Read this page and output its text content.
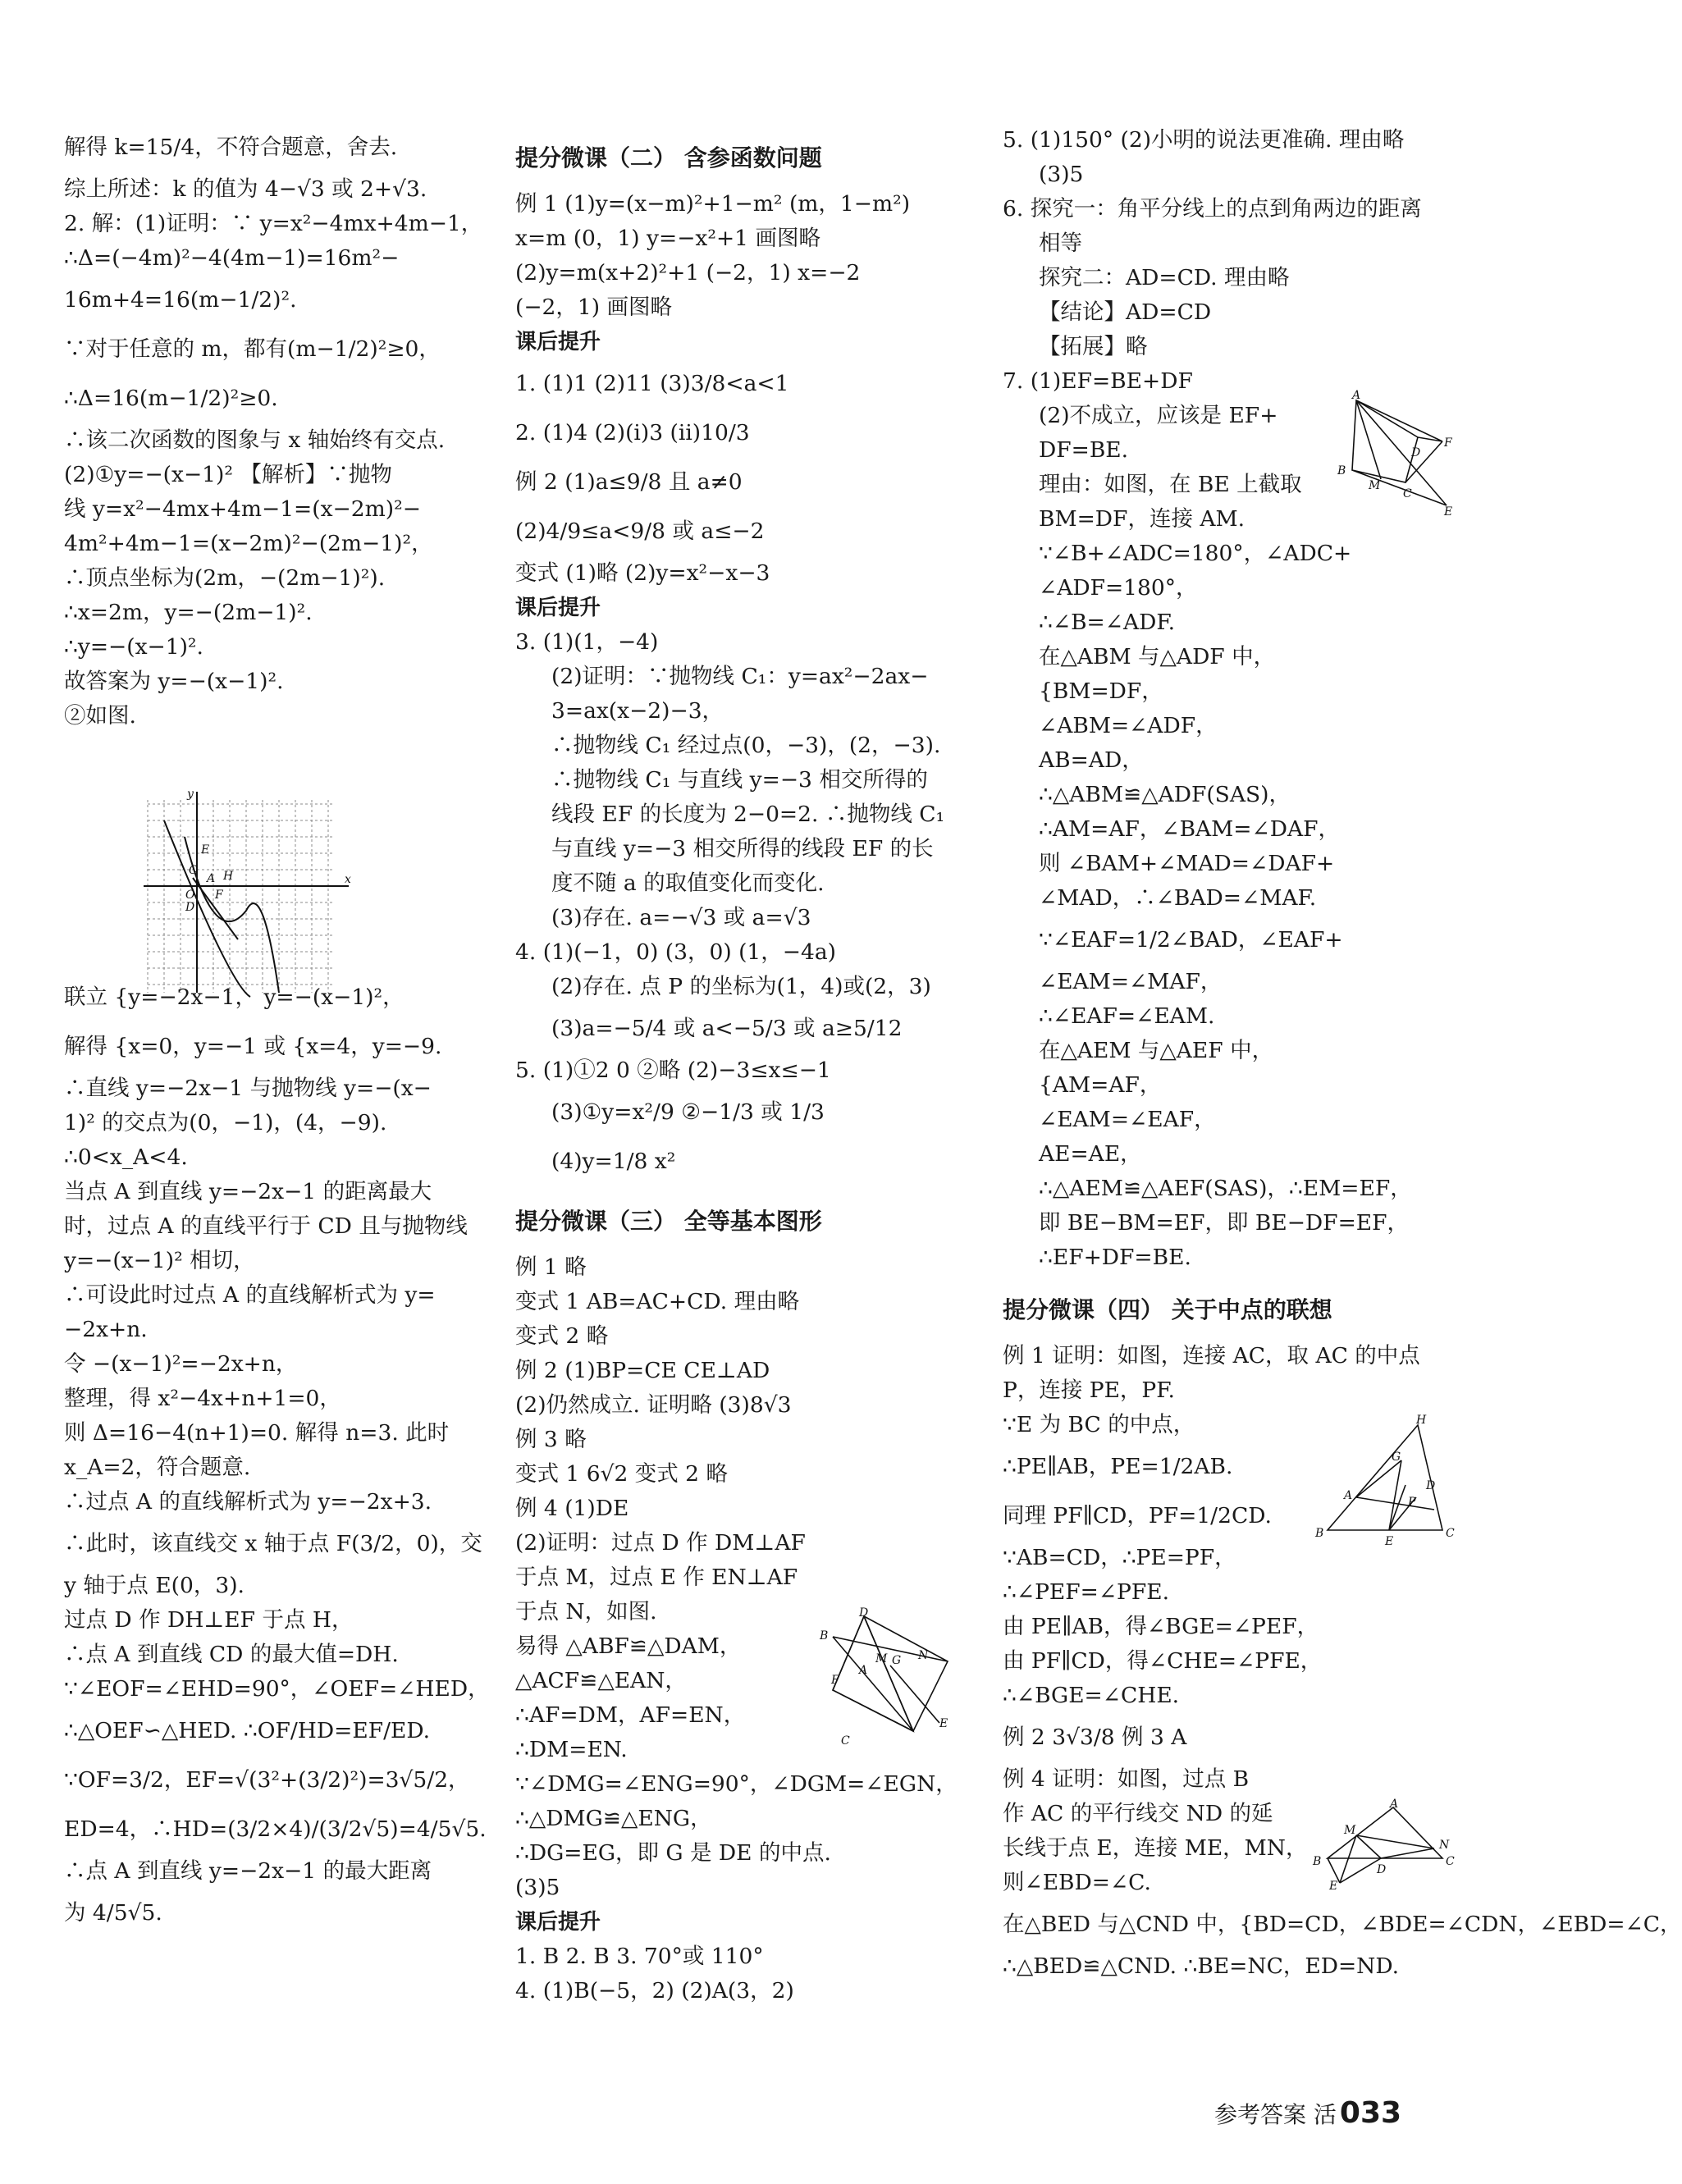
解得 k=15/4，不符合题意，舍去.
综上所述：k 的值为 4−√3 或 2+√3.
2. 解：(1)证明：∵ y=x²−4mx+4m−1，
∴Δ=(−4m)²−4(4m−1)=16m²−
16m+4=16(m−1/2)².
∵对于任意的 m，都有(m−1/2)²≥0，
∴Δ=16(m−1/2)²≥0.
∴该二次函数的图象与 x 轴始终有交点.
(2)①y=−(x−1)² 【解析】∵抛物
线 y=x²−4mx+4m−1=(x−2m)²−
4m²+4m−1=(x−2m)²−(2m−1)²，
∴顶点坐标为(2m，−(2m−1)²).
∴x=2m，y=−(2m−1)².
∴y=−(x−1)².
故答案为 y=−(x−1)².
②如图.
联立 {y=−2x−1， y=−(x−1)²，
解得 {x=0，y=−1 或 {x=4，y=−9.
∴直线 y=−2x−1 与抛物线 y=−(x−
1)² 的交点为(0，−1)，(4，−9).
∴0<x_A<4.
当点 A 到直线 y=−2x−1 的距离最大
时，过点 A 的直线平行于 CD 且与抛物线
y=−(x−1)² 相切，
∴可设此时过点 A 的直线解析式为 y=
−2x+n.
令 −(x−1)²=−2x+n，
整理，得 x²−4x+n+1=0，
则 Δ=16−4(n+1)=0. 解得 n=3. 此时
x_A=2，符合题意.
∴过点 A 的直线解析式为 y=−2x+3.
∴此时，该直线交 x 轴于点 F(3/2，0)，交
y 轴于点 E(0，3).
过点 D 作 DH⊥EF 于点 H，
∴点 A 到直线 CD 的最大值=DH.
∵∠EOF=∠EHD=90°，∠OEF=∠HED，
∴△OEF∽△HED. ∴OF/HD=EF/ED.
∵OF=3/2，EF=√(3²+(3/2)²)=3√5/2，
ED=4，∴HD=(3/2×4)/(3/2√5)=4/5√5.
∴点 A 到直线 y=−2x−1 的最大距离
为 4/5√5.
提分微课（二） 含参函数问题
例 1 (1)y=(x−m)²+1−m² (m，1−m²)
x=m (0，1) y=−x²+1 画图略
(2)y=m(x+2)²+1 (−2，1) x=−2
(−2，1) 画图略
课后提升
1. (1)1 (2)11 (3)3/8<a<1
2. (1)4 (2)(i)3 (ii)10/3
例 2 (1)a≤9/8 且 a≠0
(2)4/9≤a<9/8 或 a≤−2
变式 (1)略 (2)y=x²−x−3
课后提升
3. (1)(1，−4)
(2)证明：∵抛物线 C₁：y=ax²−2ax−
3=ax(x−2)−3，
∴抛物线 C₁ 经过点(0，−3)，(2，−3).
∴抛物线 C₁ 与直线 y=−3 相交所得的
线段 EF 的长度为 2−0=2. ∴抛物线 C₁
与直线 y=−3 相交所得的线段 EF 的长
度不随 a 的取值变化而变化.
(3)存在. a=−√3 或 a=√3
4. (1)(−1，0) (3，0) (1，−4a)
(2)存在. 点 P 的坐标为(1，4)或(2，3)
(3)a=−5/4 或 a<−5/3 或 a≥5/12
5. (1)①2 0 ②略 (2)−3≤x≤−1
(3)①y=x²/9 ②−1/3 或 1/3
(4)y=1/8 x²
提分微课（三） 全等基本图形
例 1 略
变式 1 AB=AC+CD. 理由略
变式 2 略
例 2 (1)BP=CE CE⊥AD
(2)仍然成立. 证明略 (3)8√3
例 3 略
变式 1 6√2 变式 2 略
例 4 (1)DE
(2)证明：过点 D 作 DM⊥AF
于点 M，过点 E 作 EN⊥AF
于点 N，如图.
易得 △ABF≌△DAM，
△ACF≌△EAN，
∴AF=DM，AF=EN，
∴DM=EN.
∵∠DMG=∠ENG=90°，∠DGM=∠EGN，
∴△DMG≌△ENG，
∴DG=EG，即 G 是 DE 的中点.
(3)5
课后提升
1. B 2. B 3. 70°或 110°
4. (1)B(−5，2) (2)A(3，2)
5. (1)150° (2)小明的说法更准确. 理由略
(3)5
6. 探究一：角平分线上的点到角两边的距离
相等
探究二：AD=CD. 理由略
【结论】AD=CD
【拓展】略
7. (1)EF=BE+DF
(2)不成立，应该是 EF+
DF=BE.
理由：如图，在 BE 上截取
BM=DF，连接 AM.
∵∠B+∠ADC=180°，∠ADC+
∠ADF=180°，
∴∠B=∠ADF.
在△ABM 与△ADF 中，
{BM=DF，
∠ABM=∠ADF，
AB=AD，
∴△ABM≌△ADF(SAS)，
∴AM=AF，∠BAM=∠DAF，
则 ∠BAM+∠MAD=∠DAF+
∠MAD，∴∠BAD=∠MAF.
∵∠EAF=1/2∠BAD，∠EAF+
∠EAM=∠MAF，
∴∠EAF=∠EAM.
在△AEM 与△AEF 中，
{AM=AF，
∠EAM=∠EAF，
AE=AE，
∴△AEM≌△AEF(SAS)，∴EM=EF，
即 BE−BM=EF，即 BE−DF=EF，
∴EF+DF=BE.
提分微课（四） 关于中点的联想
例 1 证明：如图，连接 AC，取 AC 的中点
P，连接 PE，PF.
∵E 为 BC 的中点，
∴PE∥AB，PE=1/2AB.
同理 PF∥CD，PF=1/2CD.
∵AB=CD，∴PE=PF，
∴∠PEF=∠PFE.
由 PE∥AB，得∠BGE=∠PEF，
由 PF∥CD，得∠CHE=∠PFE，
∴∠BGE=∠CHE.
例 2 3√3/8 例 3 A
例 4 证明：如图，过点 B
作 AC 的平行线交 ND 的延
长线于点 E，连接 ME，MN，
则∠EBD=∠C.
在△BED 与△CND 中，{BD=CD，∠BDE=∠CDN，∠EBD=∠C，
∴△BED≌△CND. ∴BE=NC，ED=ND.
y
x
O
C
D
H
E
F
A
D
B
F
A
G
M	N
C
E
A
D
F
B
M
C
E
H
G
A
D
P
B
E
C
A
M
N
B
D
C
E
参考答案 活 033
